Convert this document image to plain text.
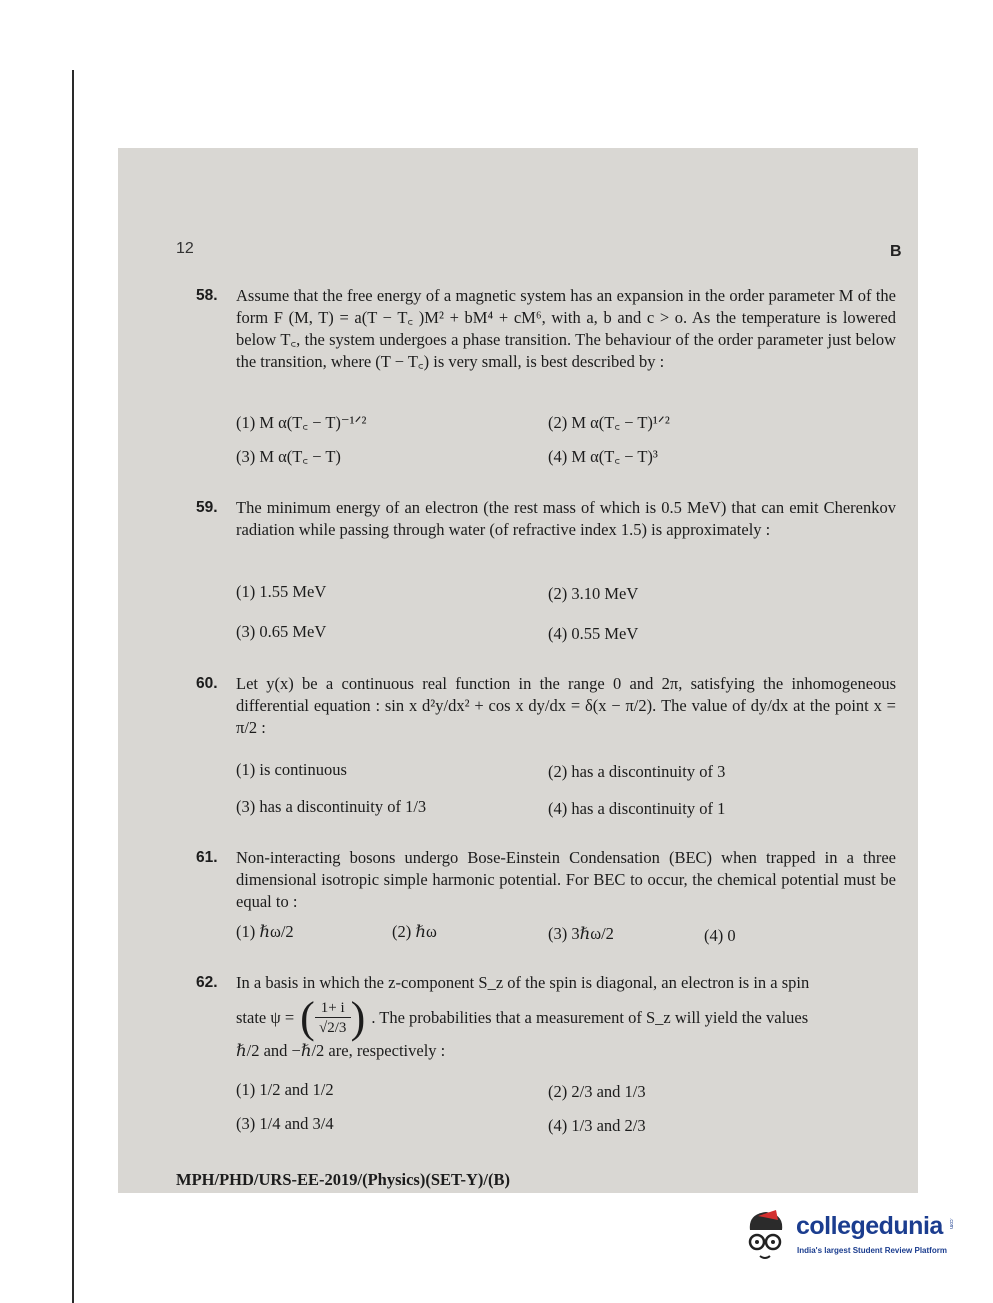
12	B
58. Assume that the free energy of a magnetic system has an expansion in the order parameter M of the form F (M, T) = a(T − T꜀ )M² + bM⁴ + cM⁶, with a, b and c > o. As the temperature is lowered below T꜀, the system undergoes a phase transition. The behaviour of the order parameter just below the transition, where (T − T꜀) is very small, is best described by :
(1) M α(T꜀ − T)⁻¹ᐟ²	(2) M α(T꜀ − T)¹ᐟ²
(3) M α(T꜀ − T)	(4) M α(T꜀ − T)³
59. The minimum energy of an electron (the rest mass of which is 0.5 MeV) that can emit Cherenkov radiation while passing through water (of refractive index 1.5) is approximately :
(1) 1.55 MeV	(2) 3.10 MeV
(3) 0.65 MeV	(4) 0.55 MeV
60. Let y(x) be a continuous real function in the range 0 and 2π, satisfying the inhomogeneous differential equation : sin x d²y/dx² + cos x dy/dx = δ(x − π/2). The value of dy/dx at the point x = π/2 :
(1) is continuous	(2) has a discontinuity of 3
(3) has a discontinuity of 1/3	(4) has a discontinuity of 1
61. Non-interacting bosons undergo Bose-Einstein Condensation (BEC) when trapped in a three dimensional isotropic simple harmonic potential. For BEC to occur, the chemical potential must be equal to :
(1) ℏω/2	(2) ℏω	(3) 3ℏω/2	(4) 0
62. In a basis in which the z-component S_z of the spin is diagonal, an electron is in a spin
state ψ = ( $\frac{1+ i}{√2/3}$ ) . The probabilities that a measurement of S_z will yield the values
ℏ/2 and −ℏ/2 are, respectively :
(1) 1/2 and 1/2	(2) 2/3 and 1/3
(3) 1/4 and 3/4	(4) 1/3 and 2/3
MPH/PHD/URS-EE-2019/(Physics)(SET-Y)/(B)
collegedunia .com
India's largest Student Review Platform
